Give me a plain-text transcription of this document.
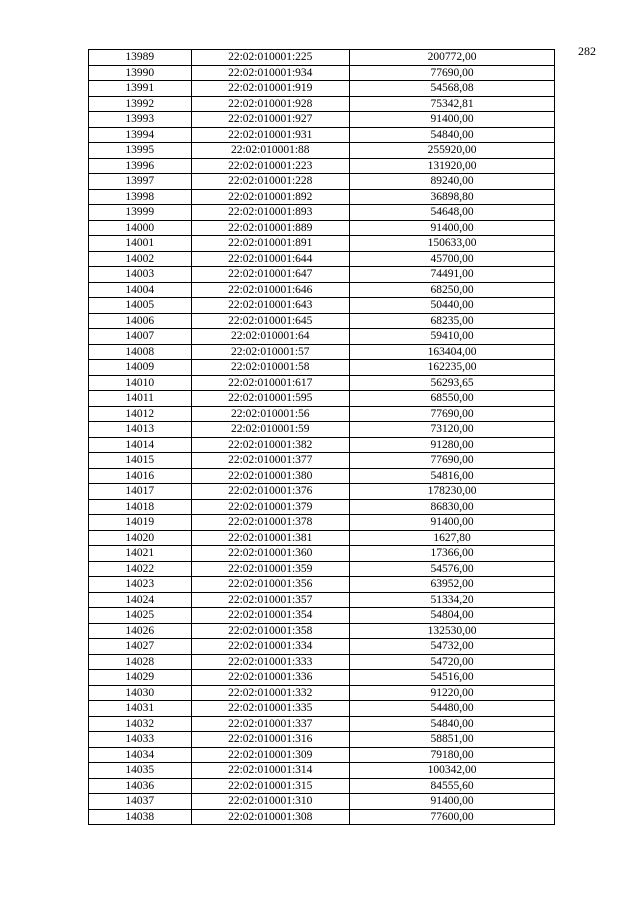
282
13989	22:02:010001:225	200772,00
13990	22:02:010001:934	77690,00
13991	22:02:010001:919	54568,08
13992	22:02:010001:928	75342,81
13993	22:02:010001:927	91400,00
13994	22:02:010001:931	54840,00
13995	22:02:010001:88	255920,00
13996	22:02:010001:223	131920,00
13997	22:02:010001:228	89240,00
13998	22:02:010001:892	36898,80
13999	22:02:010001:893	54648,00
14000	22:02:010001:889	91400,00
14001	22:02:010001:891	150633,00
14002	22:02:010001:644	45700,00
14003	22:02:010001:647	74491,00
14004	22:02:010001:646	68250,00
14005	22:02:010001:643	50440,00
14006	22:02:010001:645	68235,00
14007	22:02:010001:64	59410,00
14008	22:02:010001:57	163404,00
14009	22:02:010001:58	162235,00
14010	22:02:010001:617	56293,65
14011	22:02:010001:595	68550,00
14012	22:02:010001:56	77690,00
14013	22:02:010001:59	73120,00
14014	22:02:010001:382	91280,00
14015	22:02:010001:377	77690,00
14016	22:02:010001:380	54816,00
14017	22:02:010001:376	178230,00
14018	22:02:010001:379	86830,00
14019	22:02:010001:378	91400,00
14020	22:02:010001:381	1627,80
14021	22:02:010001:360	17366,00
14022	22:02:010001:359	54576,00
14023	22:02:010001:356	63952,00
14024	22:02:010001:357	51334,20
14025	22:02:010001:354	54804,00
14026	22:02:010001:358	132530,00
14027	22:02:010001:334	54732,00
14028	22:02:010001:333	54720,00
14029	22:02:010001:336	54516,00
14030	22:02:010001:332	91220,00
14031	22:02:010001:335	54480,00
14032	22:02:010001:337	54840,00
14033	22:02:010001:316	58851,00
14034	22:02:010001:309	79180,00
14035	22:02:010001:314	100342,00
14036	22:02:010001:315	84555,60
14037	22:02:010001:310	91400,00
14038	22:02:010001:308	77600,00
